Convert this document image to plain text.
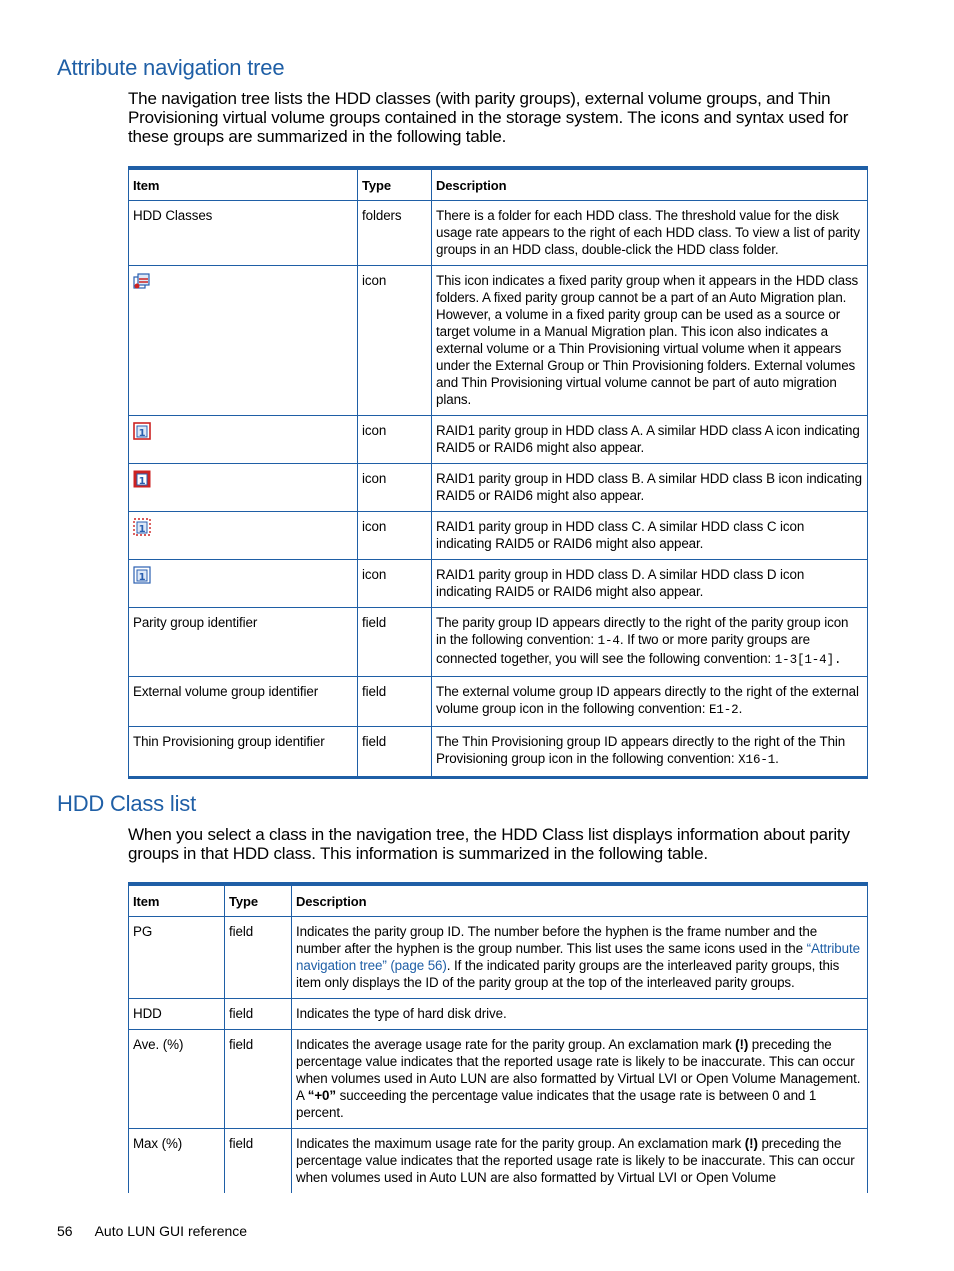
Attribute navigation tree

The navigation tree lists the HDD classes (with parity groups), external volume groups, and Thin Provisioning virtual volume groups contained in the storage system. The icons and syntax used for these groups are summarized in the following table.

Item	Type	Description
HDD Classes	folders	There is a folder for each HDD class. The threshold value for the disk usage rate appears to the right of each HDD class. To view a list of parity groups in an HDD class, double-click the HDD class folder.
	icon	This icon indicates a fixed parity group when it appears in the HDD class folders. A fixed parity group cannot be a part of an Auto Migration plan. However, a volume in a fixed parity group can be used as a source or target volume in a Manual Migration plan. This icon also indicates a external volume or a Thin Provisioning virtual volume when it appears under the External Group or Thin Provisioning folders. External volumes and Thin Provisioning virtual volume cannot be part of auto migration plans.

1	icon	RAID1 parity group in HDD class A. A similar HDD class A icon indicating RAID5 or RAID6 might also appear.

1	icon	RAID1 parity group in HDD class B. A similar HDD class B icon indicating RAID5 or RAID6 might also appear.

1	icon	RAID1 parity group in HDD class C. A similar HDD class C icon indicating RAID5 or RAID6 might also appear.

1	icon	RAID1 parity group in HDD class D. A similar HDD class D icon indicating RAID5 or RAID6 might also appear.
Parity group identifier	field	The parity group ID appears directly to the right of the parity group icon in the following convention: 1-4. If two or more parity groups are connected together, you will see the following convention: 1-3[1-4].
External volume group identifier	field	The external volume group ID appears directly to the right of the external volume group icon in the following convention: E1-2.
Thin Provisioning group identifier	field	The Thin Provisioning group ID appears directly to the right of the Thin Provisioning group icon in the following convention: X16-1.
HDD Class list

When you select a class in the navigation tree, the HDD Class list displays information about parity groups in that HDD class. This information is summarized in the following table.

Item	Type	Description
PG	field	Indicates the parity group ID. The number before the hyphen is the frame number and the number after the hyphen is the group number. This list uses the same icons used in the “Attribute navigation tree” (page 56). If the indicated parity groups are the interleaved parity groups, this item only displays the ID of the parity group at the top of the interleaved parity groups.
HDD	field	Indicates the type of hard disk drive.
Ave. (%)	field	Indicates the average usage rate for the parity group. An exclamation mark (!) preceding the percentage value indicates that the reported usage rate is likely to be inaccurate. This can occur when volumes used in Auto LUN are also formatted by Virtual LVI or Open Volume Management. A “+0” succeeding the percentage value indicates that the usage rate is between 0 and 1 percent.
Max (%)	field	Indicates the maximum usage rate for the parity group. An exclamation mark (!) preceding the percentage value indicates that the reported usage rate is likely to be inaccurate. This can occur when volumes used in Auto LUN are also formatted by Virtual LVI or Open Volume

56 Auto LUN GUI reference
